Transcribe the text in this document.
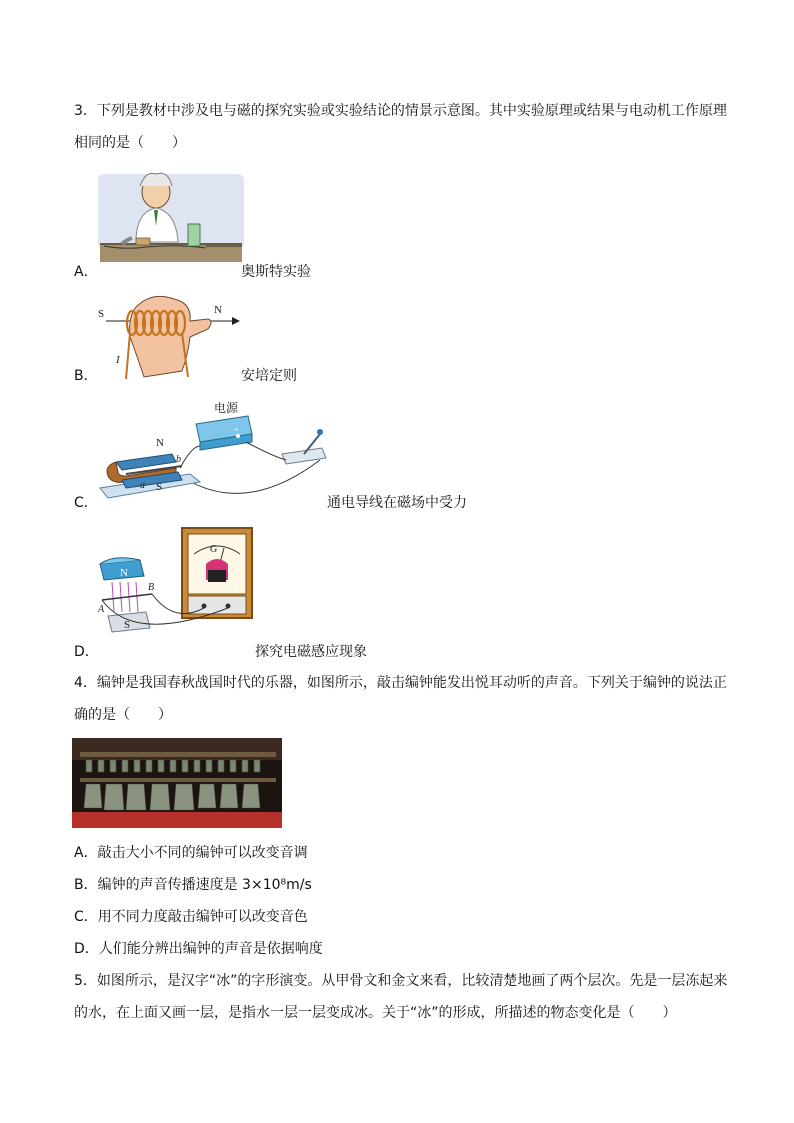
3．下列是教材中涉及电与磁的探究实验或实验结论的情景示意图。其中实验原理或结果与电动机工作原理
相同的是（　　）
A．	奥斯特实验
S	N
I
B．	安培定则
电源
+
N
S
a
b
C．	通电导线在磁场中受力
G
N
S
A
B
D．	探究电磁感应现象
4．编钟是我国春秋战国时代的乐器，如图所示，敲击编钟能发出悦耳动听的声音。下列关于编钟的说法正
确的是（　　）
A．敲击大小不同的编钟可以改变音调
B．编钟的声音传播速度是 3×10⁸m/s
C．用不同力度敲击编钟可以改变音色
D．人们能分辨出编钟的声音是依据响度
5．如图所示，是汉字“冰”的字形演变。从甲骨文和金文来看，比较清楚地画了两个层次。先是一层冻起来
的水，在上面又画一层，是指水一层一层变成冰。关于“冰”的形成，所描述的物态变化是（　　）
